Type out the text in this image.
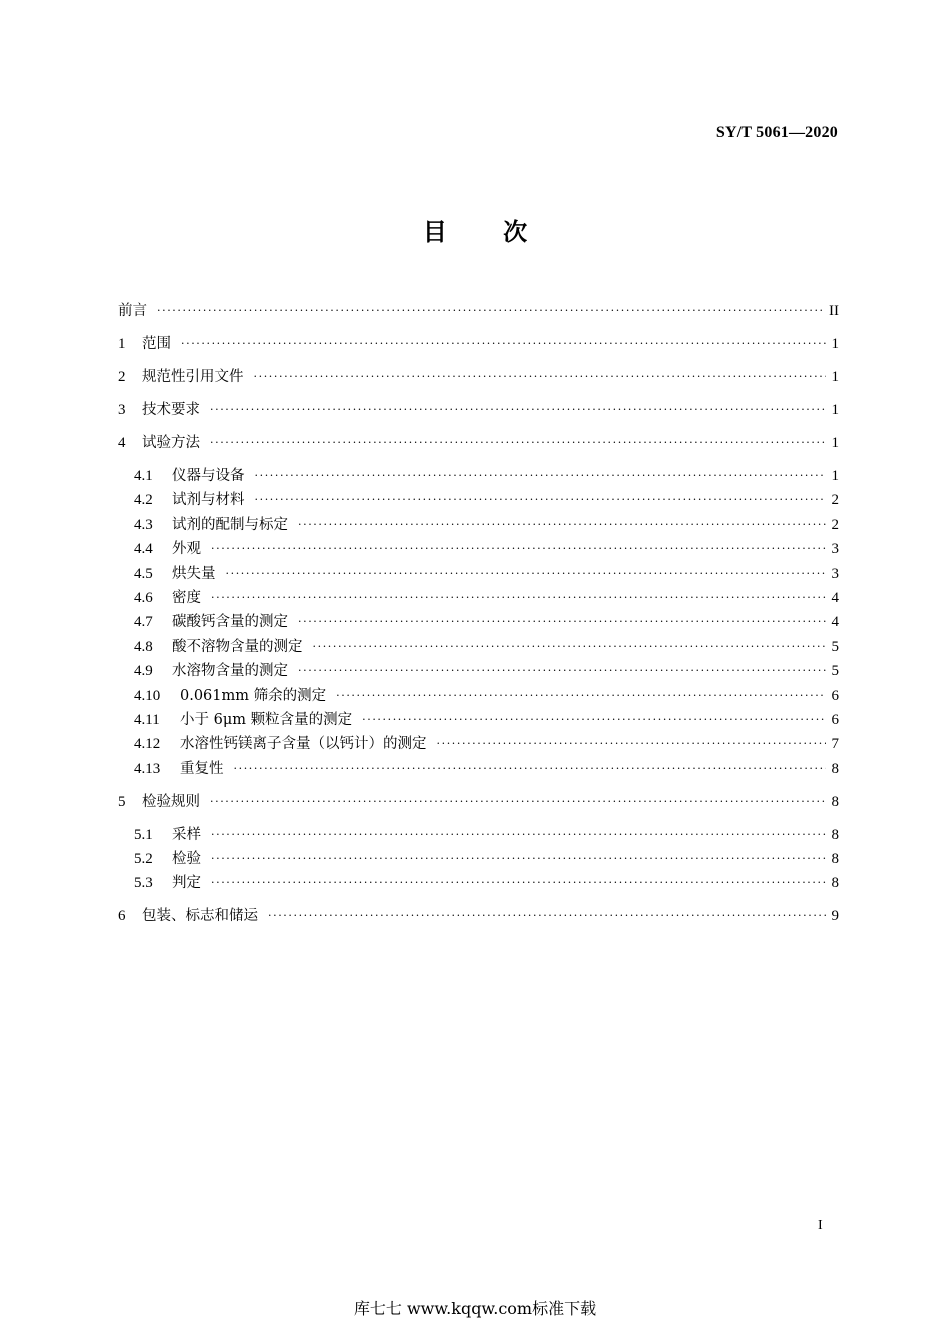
SY/T 5061—2020
目 次
前言 ·····	II
1	范围 ·····	1
2	规范性引用文件 ·····	1
3	技术要求 ·····	1
4	试验方法 ·····	1
4.1	仪器与设备 ·····	1
4.2	试剂与材料 ·····	2
4.3	试剂的配制与标定 ·····	2
4.4	外观 ·····	3
4.5	烘失量 ·····	3
4.6	密度 ·····	4
4.7	碳酸钙含量的测定 ·····	4
4.8	酸不溶物含量的测定 ·····	5
4.9	水溶物含量的测定 ·····	5
4.10	0.061mm 筛余的测定 ·····	6
4.11	小于 6μm 颗粒含量的测定 ·····	6
4.12	水溶性钙镁离子含量（以钙计）的测定 ·····	7
4.13	重复性 ·····	8
5	检验规则 ·····	8
5.1	采样 ·····	8
5.2	检验 ·····	8
5.3	判定 ·····	8
6	包装、标志和储运 ·····	9
I
库七七 www.kqqw.com标准下载
